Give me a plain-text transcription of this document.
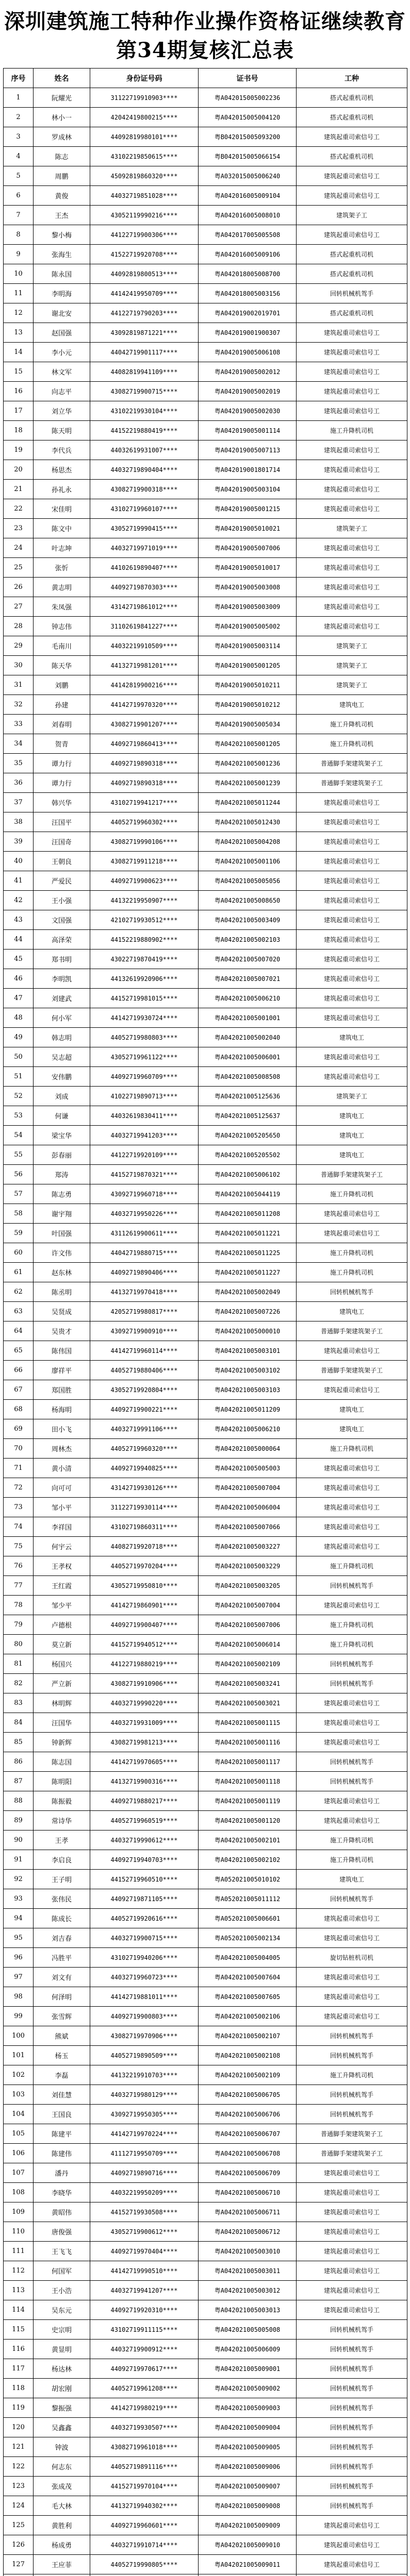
深圳建筑施工特种作业操作资格证继续教育

第34期复核汇总表

序号	姓名	身份证号码	证书号	工种
1	阮耀光	31122719910903****	粤A042015005002236	搭式起重机司机
2	林小一	42042419800215****	粤A042015005004120	搭式起重机司机
3	罗成林	44092819980101****	粤B042015005093200	建筑起重司索信号工
4	陈志	43102219850615****	粤B042015005066154	搭式起重机司机
5	周鹏	45092819860320****	粤A032015005006240	建筑起重司索信号工
6	黄俊	44032719851028****	粤A042016005009104	建筑起重司索信号工
7	王杰	43052119990216****	粤A042016005008010	建筑架子工
8	黎小梅	44122719900306****	粤A042017005005508	建筑起重司索信号工
9	张海生	41522719920708****	粤A042016005009106	搭式起重机司机
10	陈永国	44092819800513****	粤A042018005008700	搭式起重机司机
11	李明海	44142419950709****	粤A042018005003156	回转机械机驾手
12	谢北安	44122719790203****	粤A042019002019701	搭式起重机司机
13	赵国强	43092819871221****	粤A042019001900307	建筑起重司索信号工
14	李小元	44042719901117****	粤A042019005006108	建筑起重司索信号工
15	林文军	44082819941109****	粤A042019005002012	建筑起重司索信号工
16	向志平	43082719900715****	粤A042019005002019	建筑起重司索信号工
17	刘立华	43102219930104****	粤A042019005002030	建筑起重司索信号工
18	陈天明	44152219880419****	粤A042019005001114	施工升降机司机
19	李代兵	44032619931007****	粤A042019005007113	建筑起重司索信号工
20	杨思杰	44032719890404****	粤A042019001801714	建筑起重司索信号工
21	孙礼永	43082719900318****	粤A042019005003104	建筑起重司索信号工
22	宋佳明	43102719960107****	粤A042019005001215	建筑起重司索信号工
23	陈文中	43052719990415****	粤A042019005010021	建筑架子工
24	叶志坤	44032719971019****	粤A042019005007006	建筑起重司索信号工
25	张忻	44102619890407****	粤A042019005010017	建筑起重司索信号工
26	黄志明	44092719870303****	粤A042019005003008	建筑起重司索信号工
27	朱凤强	43142719861012****	粤A042019005003009	建筑起重司索信号工
28	钟志伟	31102619841227****	粤A042019005005002	建筑起重司索信号工
29	毛南川	44032219910509****	粤A042019005003114	建筑架子工
30	陈天华	44132719981201****	粤A042019005001205	建筑架子工
31	刘鹏	44142819900216****	粤A042019005010211	建筑架子工
32	孙建	44142719970320****	粤A042019005010212	建筑电工
33	刘春明	43082719901207****	粤A042019005005034	施工升降机司机
34	贺青	44092719860413****	粤A042021005001205	施工升降机司机
35	谭力行	44092719890318****	粤A042021005001236	普通脚手架建筑架子工
36	谭力行	44092719890318****	粤A042021005001239	普通脚手架建筑架子工
37	韩兴华	43102719941217****	粤A042021005011244	建筑起重司索信号工
38	汪国平	44052719960302****	粤A042021005012430	建筑起重司索信号工
39	汪国奇	43082719990106****	粤A042021005004208	建筑起重司索信号工
40	王朝良	43082719911218****	粤A042021005001106	建筑起重司索信号工
41	严爱民	44092719900623****	粤A042021005005056	建筑起重司索信号工
42	王小强	44132219950907****	粤A042021005008650	建筑起重司索信号工
43	文国强	42102719930512****	粤A042021005003409	建筑起重司索信号工
44	高泽荣	44152219880902****	粤A042021005002103	建筑起重司索信号工
45	郑书明	43022719870419****	粤A042021005007020	建筑起重司索信号工
46	李明凯	44132619920906****	粤A042021005007021	建筑起重司索信号工
47	刘建武	44152719981015****	粤A042021005006210	建筑起重司索信号工
48	何小军	44142719930724****	粤A042021005001001	建筑起重司索信号工
49	韩志明	44052719980803****	粤A042021005002040	建筑电工
50	吴志超	43052719961122****	粤A042021005006001	建筑起重司索信号工
51	安伟鹏	44092719960709****	粤A042021005008508	建筑起重司索信号工
52	刘成	41022719890713****	粤A042021005125636	建筑架子工
53	何谦	44032619830411****	粤A042021005125637	建筑电工
54	梁宝华	44032719941203****	粤A042021005205650	建筑电工
55	彭春丽	44122719920109****	粤A042021005205502	建筑电工
56	郑涛	44152719870321****	粤A042021005006102	普通脚手架建筑架子工
57	陈志勇	43092719960718****	粤A042021005044119	施工升降机司机
58	谢宇翔	44032719950226****	粤A042021005011208	建筑起重司索信号工
59	叶国强	43112619900611****	粤A042021005011221	建筑起重司索信号工
60	许文伟	44042719880715****	粤A042021005011225	施工升降机司机
61	赵东林	44092719890406****	粤A042021005011227	施工升降机司机
62	陈丞明	44132719970418****	粤A042021005002049	回转机械机驾手
63	吴贤成	42052719980817****	粤A042021005007226	建筑电工
64	吴贵才	43092719900910****	粤A042021005000010	普通脚手架建筑架子工
65	陈伟国	44142719960114****	粤A042021005003101	建筑起重司索信号工
66	廖祥平	44052719880406****	粤A042021005003102	普通脚手架建筑架子工
67	郑国胜	43052719920804****	粤A042021005003103	建筑起重司索信号工
68	杨海明	44092719900221****	粤A042021005011209	建筑电工
69	田小飞	44032719991106****	粤A042021005006210	建筑电工
70	周林杰	44052719960320****	粤A042021005000064	施工升降机司机
71	黄小清	44092719940825****	粤A042021005005003	建筑起重司索信号工
72	向可可	43142719930126****	粤A042021005007004	建筑起重司索信号工
73	邹小平	31122719930114****	粤A042021005006004	建筑起重司索信号工
74	李祥国	43102719860311****	粤A042021005007066	建筑起重司索信号工
75	何宇云	44082719920718****	粤A042021005003227	建筑起重司索信号工
76	王孝权	44052719970204****	粤A042021005003229	施工升降机司机
77	王红霞	43052719950810****	粤A042021005003205	回转机械机驾手
78	邹少平	44142719860901****	粤A042021005007004	建筑起重司索信号工
79	卢德根	44092719900407****	粤A042021005007006	施工升降机司机
80	莫立新	44152719940512****	粤A042021005006014	施工升降机司机
81	杨国兴	44122719880219****	粤A042021005002109	回转机械机驾手
82	严立新	43082719910906****	粤A042021005003241	回转机械机驾手
83	林明辉	44032719990220****	粤A042021005003021	建筑起重司索信号工
84	汪国华	44032719931009****	粤A042021005001115	建筑起重司索信号工
85	钟新辉	43082719981213****	粤A042021005001116	建筑起重司索信号工
86	陈志国	44142719970605****	粤A042021005001117	回转机械机驾手
87	陈明阳	44132719900316****	粤A042021005001118	回转机械机驾手
88	陈振毅	44092719880217****	粤A042021005001119	建筑起重司索信号工
89	常诗华	44052719960519****	粤A042021005001120	建筑起重司索信号工
90	王孝	44032719990612****	粤A042021005002101	施工升降机司机
91	李启良	44092719940703****	粤A042021005002102	施工升降机司机
92	王子明	44152719960510****	粤A052021005010102	建筑电工
93	张伟民	44092719871105****	粤A052021005011112	回转机械机驾手
94	陈成长	44052719920616****	粤A052021005006601	建筑起重司索信号工
95	刘吉春	44032719900715****	粤A052021005002134	建筑起重司索信号工
96	冯胜平	43102719940206****	粤A042021005004005	旋切钻桩机司机
97	刘文有	44032719960723****	粤A042021005007604	建筑起重司索信号工
98	何泽明	44142719881011****	粤A042021005007605	建筑起重司索信号工
99	张雪辉	44092719900803****	粤A042021005002106	建筑起重司索信号工
100	熊斌	43082719970906****	粤A042021005002107	回转机械机驾手
101	杨玉	44052719890509****	粤A042021005002108	回转机械机驾手
102	李磊	44132219910703****	粤A042021005002109	施工升降机司机
103	刘佳慧	44032719980129****	粤A042021005006705	回转机械机驾手
104	王国良	43092719950305****	粤A042021005006706	回转机械机驾手
105	陈建平	44142719970224****	粤A042021005006707	普通脚手架建筑架子工
106	陈建伟	41112719950709****	粤A042021005006708	普通脚手架建筑架子工
107	潘丹	44092719890716****	粤A042021005006709	建筑起重司索信号工
108	李晓华	44032219950209****	粤A042021005006710	建筑起重司索信号工
109	黄昭伟	44152719930508****	粤A042021005006711	建筑起重司索信号工
110	唐俊强	43052719900612****	粤A042021005006712	建筑起重司索信号工
111	王飞飞	44092719970404****	粤A042021005003010	建筑起重司索信号工
112	何国军	44142719990510****	粤A042021005003011	建筑起重司索信号工
113	王小浩	44032719941207****	粤A042021005003012	建筑起重司索信号工
114	吴东元	44092719920310****	粤A042021005003013	建筑起重司索信号工
115	史宗明	43102719911115****	粤A042021005005008	回转机械机驾手
116	黄显明	44032719900912****	粤A042021005006009	回转机械机驾手
117	杨达林	44092719970617****	粤A042021005009001	回转机械机驾手
118	胡宏刚	44052719961208****	粤A042021005009002	回转机械机驾手
119	黎振强	44142719980219****	粤A042021005009003	回转机械机驾手
120	吴鑫鑫	44032719930507****	粤A042021005009004	回转机械机驾手
121	钟波	43082719961018****	粤A042021005009005	回转机械机驾手
122	何志东	44052719891116****	粤A042021005009006	回转机械机驾手
123	张成茂	44152719970104****	粤A042021005009007	回转机械机驾手
124	毛大林	44132719940302****	粤A042021005009008	回转机械机驾手
125	黄胜利	44092719960601****	粤A042021005009009	建筑起重司索信号工
126	杨成勇	44032719910714****	粤A042021005009010	建筑起重司索信号工
127	王应菲	44052719990805****	粤A042021005009011	建筑起重司索信号工
